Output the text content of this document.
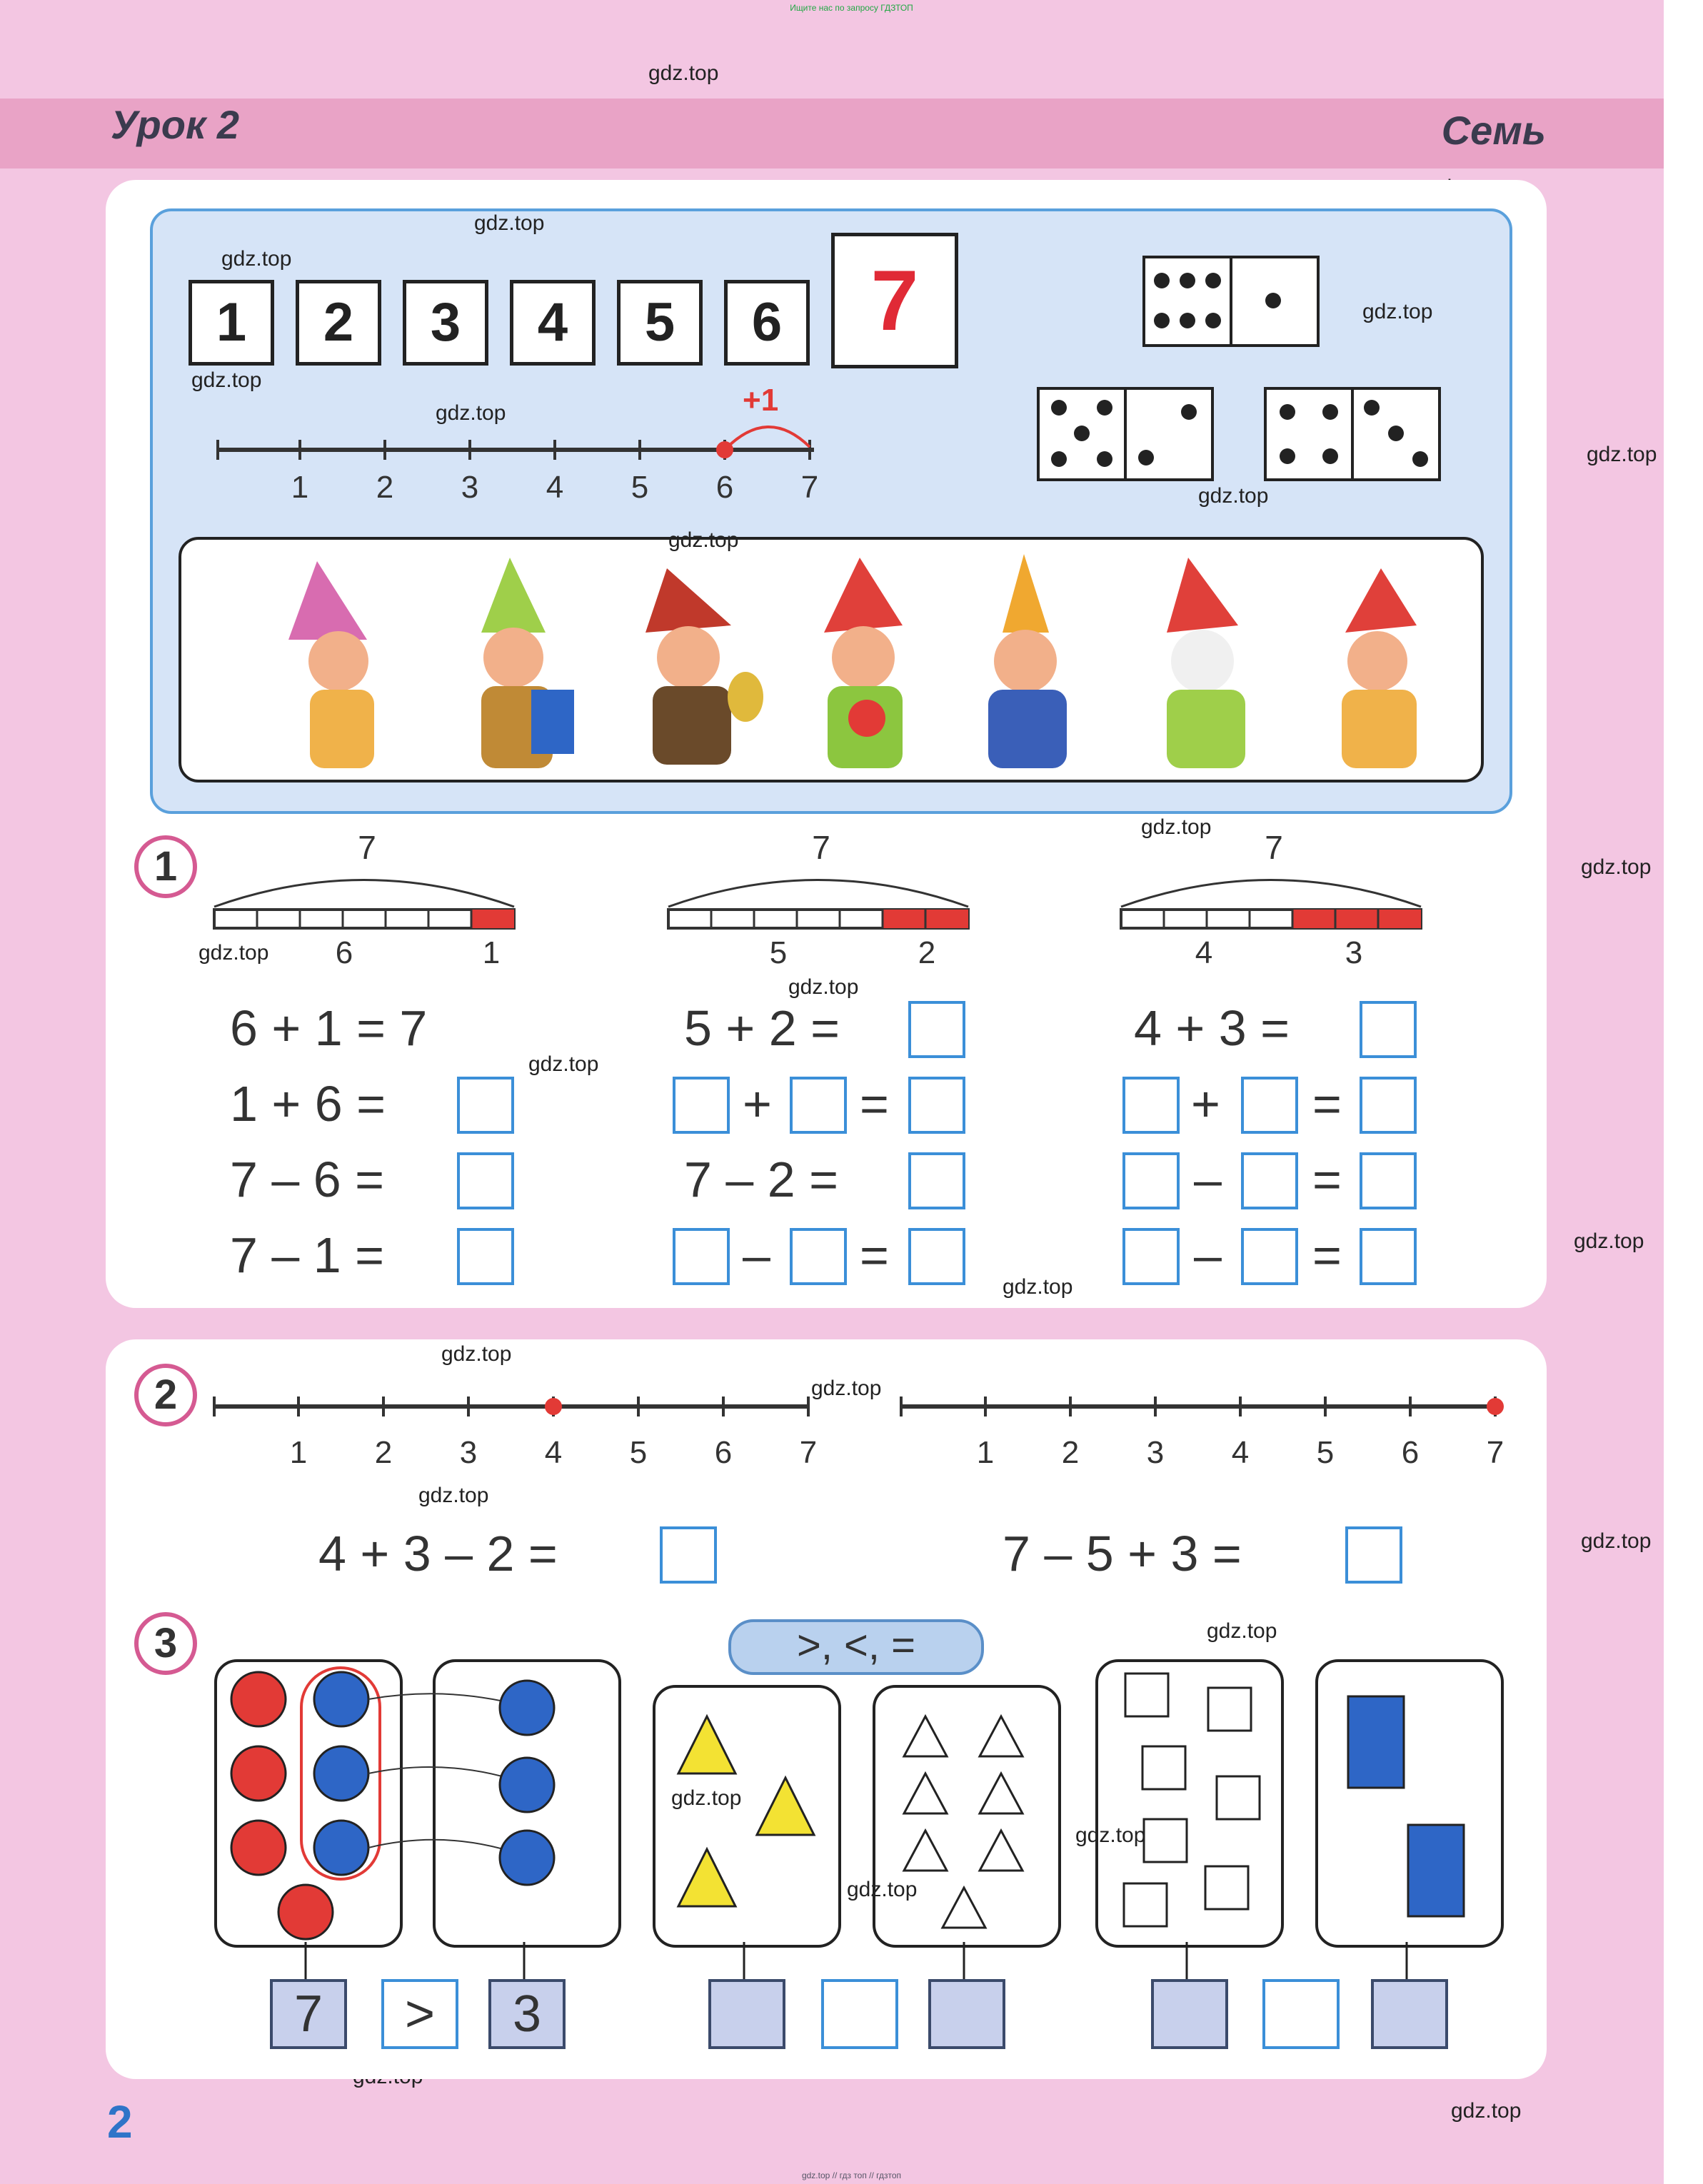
Ищите нас по запросу ГДЗТОП
Урок 2	Семь
gdz.top
gdz.top
gdz.top
gdz.top
gdz.top
gdz.top
1	2	3	4	5	6	7
+1
1	2	3	4	5	6	7
1	7	7	7
6	1	5	2	4	3
6 + 1 = 7
1 + 6 =
7 – 6 =
7 – 1 =
5 + 2 =
+ =
7 – 2 =
– =
4 + 3 =
+ =
– =
– =
2
1	2	3	4	5	6	7	1	2	3	4	5	6	7
4 + 3 – 2 =	7 – 5 + 3 =
3	>, <, =
7	>	3
gdz.top
gdz.top
gdz.top
gdz.top
gdz.top
gdz.top
gdz.top
gdz.top
gdz.top
gdz.top
gdz.top
gdz.top
gdz.top
gdz.top
gdz.top
gdz.top
gdz.top
gdz.top
gdz.top
2
gdz.top // гдз топ // гдзтоп
